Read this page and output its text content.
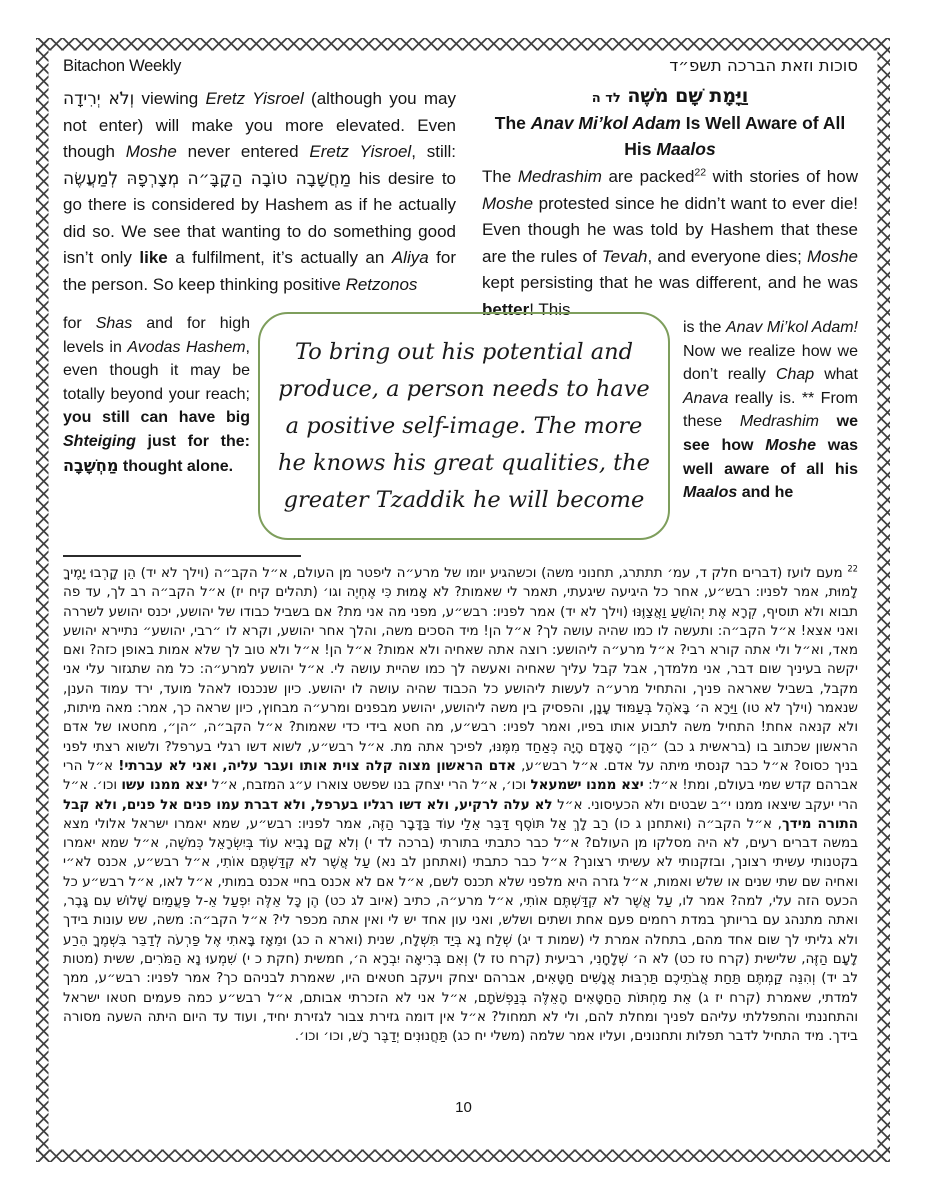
Bitachon Weekly	סוכות וזאת הברכה תשפ״ד
וְלֹא יְרִידָה viewing Eretz Yisroel (although you may not enter) will make you more elevated. Even though Moshe never entered Eretz Yisroel, still: מַחֲשָׁבָה טוֹבָה הַקָבָּ״ה מְצָרְפָהּ לְמַעֲשֶׂה his desire to go there is considered by Hashem as if he actually did so. We see that wanting to do something good isn’t only like a fulfilment, it’s actually an Aliya for the person. So keep thinking positive Retzonos
for Shas and for high levels in Avodas Hashem, even though it may be totally beyond your reach; you still can have big Shteiging just for the: מַחְשָׁבָה thought alone.
וַיָּמָת שָׁם מֹשֶׁה לד ה
The Anav Mi’kol Adam Is Well Aware of All His Maalos
The Medrashim are packed$^{22}$ with stories of how Moshe protested since he didn’t want to ever die! Even though he was told by Hashem that these are the rules of Tevah, and everyone dies; Moshe kept persisting that he was different, and he was better! This
is the Anav Mi’kol Adam! Now we realize how we don’t really Chap what Anava really is. ** From these Medrashim we see how Moshe was well aware of all his Maalos and he
To bring out his potential and produce, a person needs to have a positive self-image. The more he knows his great qualities, the greater Tzaddik he will become
$^{22}$ מעם לועז (דברים חלק ד, עמ׳ תתתרג, תחנוני משה) וכשהגיע יומו של מרע״ה ליפטר מן העולם, א״ל הקב״ה (וילך לא יד) הֵן קָרְבוּ יָמֶיךָ לָמוּת, אמר לפניו: רבש״ע, אחר כל היגיעה שיגעתי, תאמר לי שאמות? לֹא אָמוּת כִּי אֶחְיֶה וגו׳ (תהלים קיח יז) א״ל הקב״ה רב לך, עד פה תבוא ולא תוסיף, קְרָא אֶת יְהוֹשֻׁעַ וַאֲצַוֶּנּוּ (וילך לא יד) אמר לפניו: רבש״ע, מפני מה אני מת? אם בשביל כבודו של יהושע, יכנס יהושע לשררה ואני אצא! א״ל הקב״ה: ותעשה לו כמו שהיה עושה לך? א״ל הן! מיד הסכים משה, והלך אחר יהושע, וקרא לו ״רבי, יהושע״ נתיירא יהושע מאד, וא״ל ולי אתה קורא רבי? א״ל מרע״ה ליהושע: רוצה אתה שאחיה ולא אמות? א״ל הן! א״ל ולא טוב לך שלא אמות באופן כזה? ואם יקשה בעיניך שום דבר, אני מלמדך, אבל קבל עליך שאחיה ואעשה לך כמו שהיית עושה לי. א״ל יהושע למרע״ה: כל מה שתגזור עלי אני מקבל, בשביל שאראה פניך, והתחיל מרע״ה לעשות ליהושע כל הכבוד שהיה עושה לו יהושע. כיון שנכנסו לאהל מועד, ירד עמוד הענן, שנאמר (וילך לא טו) וַיֵּרָא ה׳ בָּאֹהֶל בְּעַמּוּד עָנָן, והפסיק בין משה ליהושע, יהושע מבפנים ומרע״ה מבחוץ, כיון שראה כך, אמר: מאה מיתות, ולא קנאה אחת! התחיל משה לתבוע אותו בפיו, ואמר לפניו: רבש״ע, מה חטא בידי כדי שאמות? א״ל הקב״ה, ״הן״, מחטאו של אדם הראשון שכתוב בו (בראשית ג כב) ״הֵן״ הָאָדָם הָיָה כְּאַחַד מִמֶּנּוּ, לפיכך אתה מת. א״ל רבש״ע, לשוא דשו רגלי בערפל? ולשוא רצתי לפני בניך כסוס? א״ל כבר קנסתי מיתה על אדם. א״ל רבש״ע, אדם הראשון מצוה קלה צוית אותו ועבר עליה, ואני לא עברתי! א״ל הרי אברהם קדש שמי בעולם, ומת! א״ל: יצא ממנו ישמעאל וכו׳, א״ל הרי יצחק בנו שפשט צוארו ע״ג המזבח, א״ל יצא ממנו עשו וכו׳. א״ל הרי יעקב שיצאו ממנו י״ב שבטים ולא הכעיסוני. א״ל לא עלה לרקיע, ולא דשו רגליו בערפל, ולא דברת עמו פנים אל פנים, ולא קבל התורה מידך, א״ל הקב״ה (ואתחנן ג כו) רַב לָךְ אַל תּוֹסֶף דַּבֵּר אֵלַי עוֹד בַּדָּבָר הַזֶּה, אמר לפניו: רבש״ע, שמא יאמרו ישראל אלולי מצא במשה דברים רעים, לא היה מסלקו מן העולם? א״ל כבר כתבתי בתורתי (ברכה לד י) וְלֹא קָם נָבִיא עוֹד בְּיִשְׂרָאֵל כְּמֹשֶׁה, א״ל שמא יאמרו בקטנותי עשיתי רצונך, ובזקנותי לא עשיתי רצונך? א״ל כבר כתבתי (ואתחנן לב נא) עַל אֲשֶׁר לֹא קִדַּשְׁתֶּם אוֹתִי, א״ל רבש״ע, אכנס לא״י ואחיה שם שתי שנים או שלש ואמות, א״ל גזרה היא מלפני שלא תכנס לשם, א״ל אם לא אכנס בחיי אכנס במותי, א״ל לאו, א״ל רבש״ע כל הכעס הזה עלי, למה? אמר לו, עַל אֲשֶׁר לֹא קִדַּשְׁתֶּם אוֹתִי, א״ל מרע״ה, כתיב (איוב לג כט) הֶן כָּל אֵלֶּה יִפְעַל אֵ-ל פַּעֲמַיִם שָׁלוֹשׁ עִם גָּבֶר, ואתה מתנהג עם בריותך במדת רחמים פעם אחת ושתים ושלש, ואני עון אחד יש לי ואין אתה מכפר לי? א״ל הקב״ה: משה, שש עונות בידך ולא גליתי לך שום אחד מהם, בתחלה אמרת לי (שמות ד יג) שְׁלַח נָא בְּיַד תִּשְׁלָח, שנית (וארא ה כג) וּמֵאָז בָּאתִי אֶל פַּרְעֹה לְדַבֵּר בִּשְׁמֶךָ הֵרַע לָעָם הַזֶּה, שלישית (קרח טז כט) לֹא ה׳ שְׁלָחָנִי, רביעית (קרח טז ל) וְאִם בְּרִיאָה יִבְרָא ה׳, חמשית (חקת כ י) שִׁמְעוּ נָא הַמֹּרִים, ששית (מטות לב יד) וְהִנֵּה קַמְתֶּם תַּחַת אֲבֹתֵיכֶם תַּרְבּוּת אֲנָשִׁים חַטָּאִים, אברהם יצחק ויעקב חטאים היו, שאמרת לבניהם כך? אמר לפניו: רבש״ע, ממך למדתי, שאמרת (קרח יז ג) אֵת מַחְתּוֹת הַחַטָּאִים הָאֵלֶּה בְּנַפְשֹׁתָם, א״ל אני לא הזכרתי אבותם, א״ל רבש״ע כמה פעמים חטאו ישראל והתחננתי והתפללתי עליהם לפניך ומחלת להם, ולי לא תמחול? א״ל אין דומה גזירת צבור לגזירת יחיד, ועוד עד היום היתה השעה מסורה בידך. מיד התחיל לדבר תפלות ותחנונים, ועליו אמר שלמה (משלי יח כג) תַּחֲנוּנִים יְדַבֶּר רָשׁ, וכו׳ וכו׳.
10
